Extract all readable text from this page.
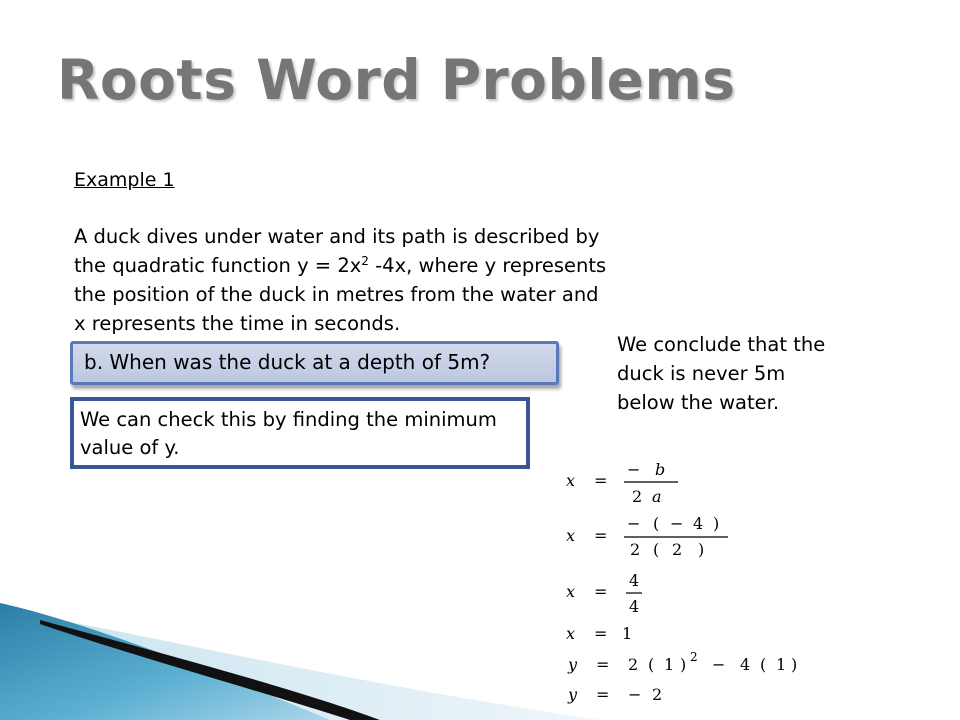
Roots Word Problems
Example 1

A duck dives under water and its path is described by

the quadratic function $y = 2x^2$ -4x, where y represents

the position of the duck in metres from the water and

x represents the time in seconds.

b. When was the duck at a depth of 5m?
We can check this by finding the minimum value of y.
We conclude that the duck is never 5m below the water.
x =
− b
2 a
x =
− ( − 4 )
2 ( 2 )
x =
4
4
x = 1
y = 2 ( 1 ) 2 − 4 ( 1 )
y = − 2
